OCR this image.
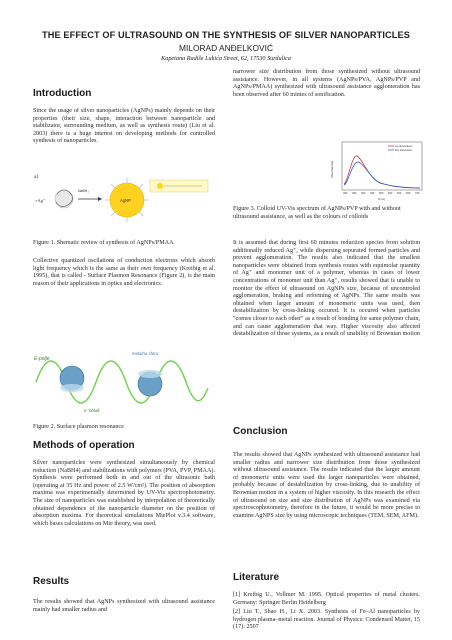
THE EFFECT OF ULTRASOUND ON THE SYNTHESIS OF SILVER NANOPARTICLES
MILORAD ANĐELKOVIĆ
Kapetana Radiše Lukića Street, 62, 17530 Surdulica
Introduction
Since the usage of silver nanoparticles (AgNPs) mainly depends on their properties (their size, shape, interaction between nanoparticle and stabilizator, surrounding medium, as well as synthesis route) (Liu et al. 2003) there is a huge interest on developing methods for controlled synthesis of nanoparticles.
a)
+Ag⁺
NaBH₄
AgNP
Figure 1. Shematic review of synthesis of AgNPs/PMAA
Collective quantized oscilations of conduction electrons which absorb light frequency which is the same as their own frequency (Kreibig et al. 1995), that is called - Surface Plasmon Resonance (Figure 2), is the main reason of their applications in optics and electronics.
E-polje
metalna sfera
e⁻oblak
Figure 2. Surface plasmon resonance
Methods of operation
Silver nanoparticles were synthesized simultaneously by chemical reduction (NaBH4) and stabilizations with polymers (PVA, PVP, PMAA). Synthesis were performed both in and out of the ultrasonic bath (operating at 35 Hz and power of 2.5 W/cm²). The position of absorption maxima was experimentally determined by UV-Vis spectrophotometry. The size of nanoparticles was established by interpolation of theoretically obtained dependence of the nanoparticle diameter on the position of absorption maxima. For theoretical simulations MiePlot v.3.4 software, which bases calculations on Mie theory, was used.
Results
The results showed that AgNPs synthesized with ultrasound assistance mainly had smaller radius and
narrower size distribution from those synthesized without ultrasound assistance. However, in all systems (AgNPs/PVA, AgNPs/PVP and AgNPs/PMAA) synthesized with ultrasound assistance agglomeration has been observed after 60 mintes of sonification.
Absorbancija
sa ultrazvukom
bez ultrazvuka
300 350 400 450 500 550 600 650 700
λ(nm)
Figure 3. Colloid UV-Vis spectrum of AgNPs/PVP with and without ultrasound assistance, as well as the colours of colloids
It is assumed that during first 60 minutes reduction species from solution additionally reduced Ag⁺, while dispersing sepurated formed particles and prevent agglomeration. The results also indicated that the smallest nanoparticles were obtained from synthesis routes with equimolar quantity of Ag⁺ and monomer unit of a polymer, whereas in cases of lower concentrations of monomer unit than Ag⁺, results showed that is unable to monitor the effect of ultrasound on AgNPs size, because of uncontroled agglomeration, braking and reforming of AgNPs. The same results was obtained when larger amount of monomeric units was used, then destabilization by cross-linking occured. It is occured when particles "comes closer to each other" as a result of bonding for same polymer chain, and can cause agglomeration that way. Higher viscosity also affected destabilization of those systems, as a result of unability of Brownian motion
Conclusion
The results showed that AgNPs synthesized with ultrasound assistance had smaller radius and narrower size distribution from those synthesized without ultrasound assistance. The results indicated that the larger amount of monomeric units were used the larger nanoparticles were obtained, probably because of destabilization by cross-linking, due to unability of Brownian motion in a system of higher viscosity. In this research the effect of ultrasound on size and size distribution of AgNPs was examined via spectroscophotometry, therefore in the future, it would be more precise to examine AgNPS size by using microscopic techniques (TEM, SEM, AFM).
Literature
[1] Kreibig U., Vollmer M. 1995. Optical properties of metal clusters. Germany: Springer Berlin Heidelberg
[2] Liu T., Shao H., Li X. 2003. Synthesis of Fe–Al nanoparticles by hydrogen plasma–metal reaction. Journal of Physics: Condensed Matter, 15 (17): 2507
